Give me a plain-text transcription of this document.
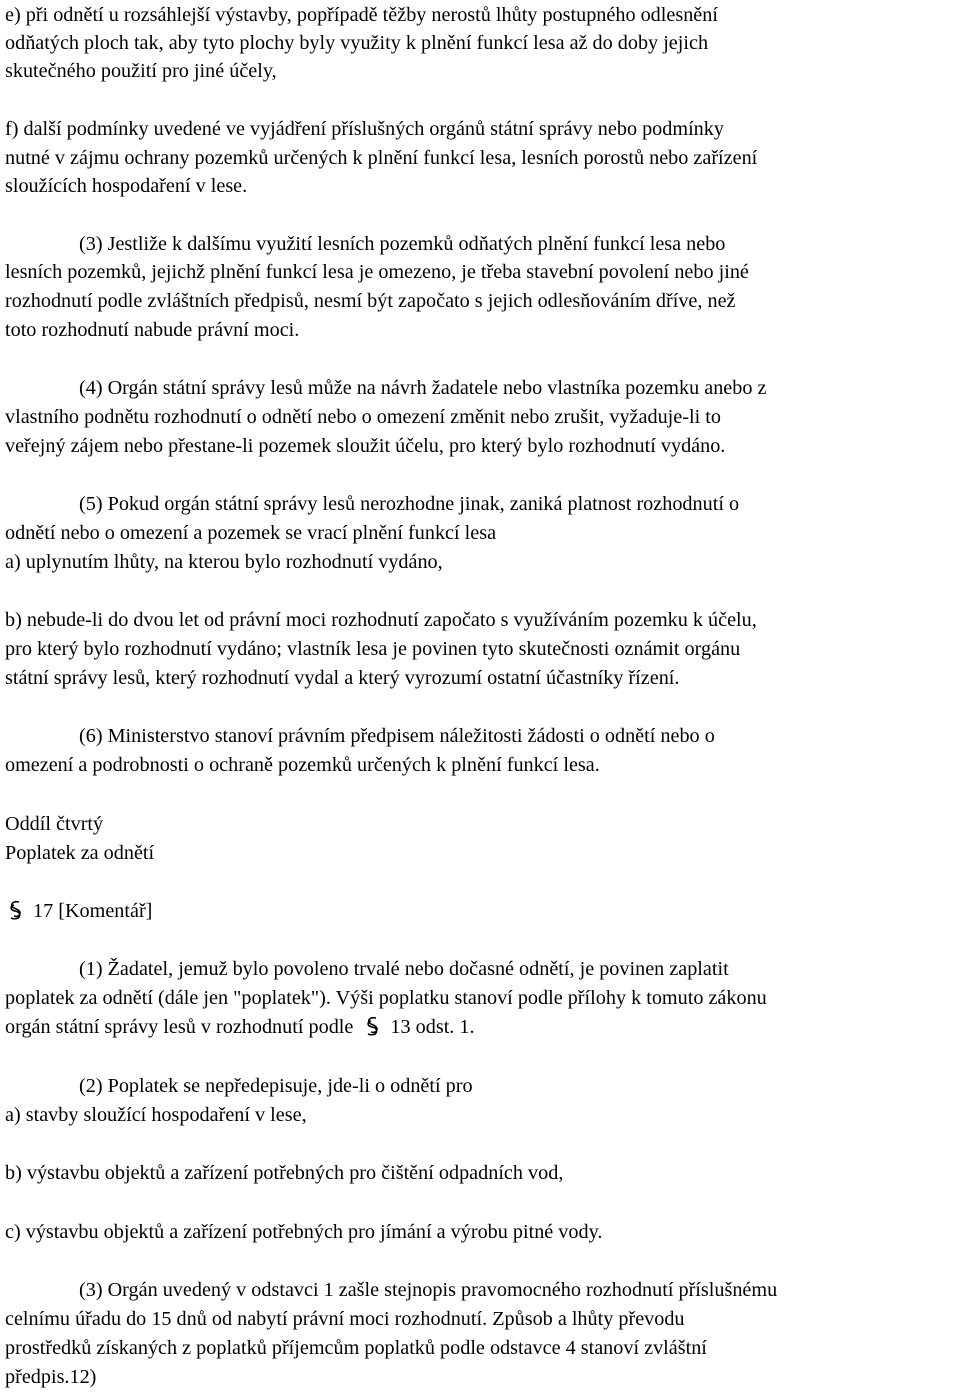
e) při odnětí u rozsáhlejší výstavby, popřípadě těžby nerostů lhůty postupného odlesnění
odňatých ploch tak, aby tyto plochy byly využity k plnění funkcí lesa až do doby jejich
skutečného použití pro jiné účely,
f) další podmínky uvedené ve vyjádření příslušných orgánů státní správy nebo podmínky
nutné v zájmu ochrany pozemků určených k plnění funkcí lesa, lesních porostů nebo zařízení
sloužících hospodaření v lese.
(3) Jestliže k dalšímu využití lesních pozemků odňatých plnění funkcí lesa nebo
lesních pozemků, jejichž plnění funkcí lesa je omezeno, je třeba stavební povolení nebo jiné
rozhodnutí podle zvláštních předpisů, nesmí být započato s jejich odlesňováním dříve, než
toto rozhodnutí nabude právní moci.
(4) Orgán státní správy lesů může na návrh žadatele nebo vlastníka pozemku anebo z
vlastního podnětu rozhodnutí o odnětí nebo o omezení změnit nebo zrušit, vyžaduje-li to
veřejný zájem nebo přestane-li pozemek sloužit účelu, pro který bylo rozhodnutí vydáno.
(5) Pokud orgán státní správy lesů nerozhodne jinak, zaniká platnost rozhodnutí o
odnětí nebo o omezení a pozemek se vrací plnění funkcí lesa
a) uplynutím lhůty, na kterou bylo rozhodnutí vydáno,
b) nebude-li do dvou let od právní moci rozhodnutí započato s využíváním pozemku k účelu,
pro který bylo rozhodnutí vydáno; vlastník lesa je povinen tyto skutečnosti oznámit orgánu
státní správy lesů, který rozhodnutí vydal a který vyrozumí ostatní účastníky řízení.
(6) Ministerstvo stanoví právním předpisem náležitosti žádosti o odnětí nebo o
omezení a podrobnosti o ochraně pozemků určených k plnění funkcí lesa.
Oddíl čtvrtý
Poplatek za odnětí
17 [Komentář]
(1) Žadatel, jemuž bylo povoleno trvalé nebo dočasné odnětí, je povinen zaplatit
poplatek za odnětí (dále jen "poplatek"). Výši poplatku stanoví podle přílohy k tomuto zákonu
orgán státní správy lesů v rozhodnutí podle 13 odst. 1.
(2) Poplatek se nepředepisuje, jde-li o odnětí pro
a) stavby sloužící hospodaření v lese,
b) výstavbu objektů a zařízení potřebných pro čištění odpadních vod,
c) výstavbu objektů a zařízení potřebných pro jímání a výrobu pitné vody.
(3) Orgán uvedený v odstavci 1 zašle stejnopis pravomocného rozhodnutí příslušnému
celnímu úřadu do 15 dnů od nabytí právní moci rozhodnutí. Způsob a lhůty převodu
prostředků získaných z poplatků příjemcům poplatků podle odstavce 4 stanoví zvláštní
předpis.12)
